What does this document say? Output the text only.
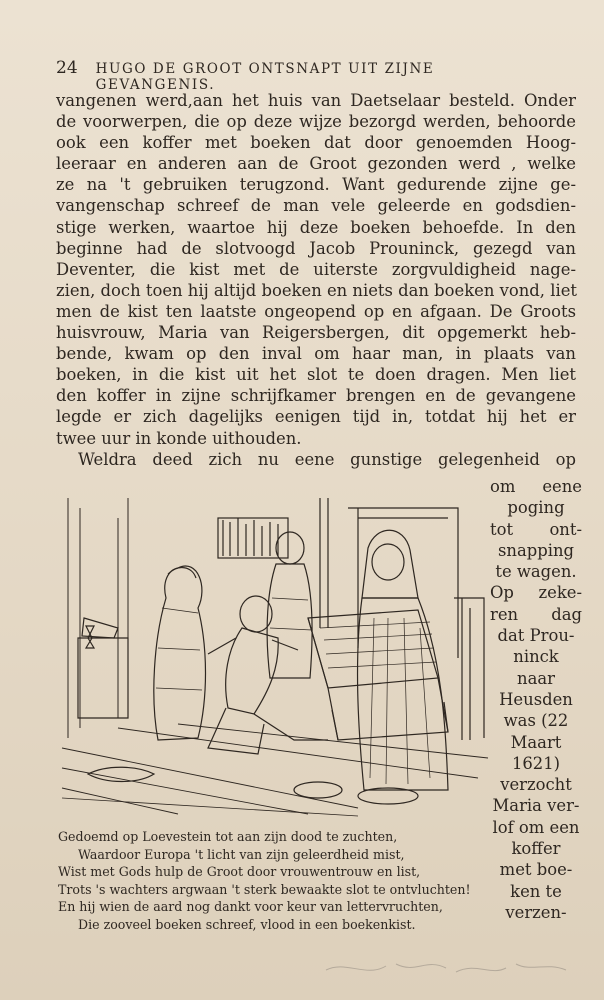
24 HUGO DE GROOT ONTSNAPT UIT ZIJNE GEVANGENIS.
vangenen werd,aan het huis van Daetselaar besteld. Onder
de voorwerpen, die op deze wijze bezorgd werden, behoorde
ook een koffer met boeken dat door genoemden Hoog-
leeraar en anderen aan de Groot gezonden werd , welke
ze na 't gebruiken terugzond. Want gedurende zijne ge-
vangenschap schreef de man vele geleerde en godsdien-
stige werken, waartoe hij deze boeken behoefde. In den
beginne had de slotvoogd Jacob Prouninck, gezegd van
Deventer, die kist met de uiterste zorgvuldigheid nage-
zien, doch toen hij altijd boeken en niets dan boeken vond, liet
men de kist ten laatste ongeopend op en afgaan. De Groots
huisvrouw, Maria van Reigersbergen, dit opgemerkt heb-
bende, kwam op den inval om haar man, in plaats van
boeken, in die kist uit het slot te doen dragen. Men liet
den koffer in zijne schrijfkamer brengen en de gevangene
legde er zich dagelijks eenigen tijd in, totdat hij het er
twee uur in konde uithouden.
Weldra deed zich nu eene gunstige gelegenheid op
om eene
poging
tot ont-
snapping
te wagen.
Op zeke-
ren dag
dat Prou-
ninck
naar
Heusden
was (22
Maart
1621)
verzocht
Maria ver-
lof om een
koffer
met boe-
ken te
verzen-
Gedoemd op Loevestein tot aan zijn dood te zuchten,
Waardoor Europa 't licht van zijn geleerdheid mist,
Wist met Gods hulp de Groot door vrouwentrouw en list,
Trots 's wachters argwaan 't sterk bewaakte slot te ontvluchten!
En hij wien de aard nog dankt voor keur van lettervruchten,
Die zooveel boeken schreef, vlood in een boekenkist.
